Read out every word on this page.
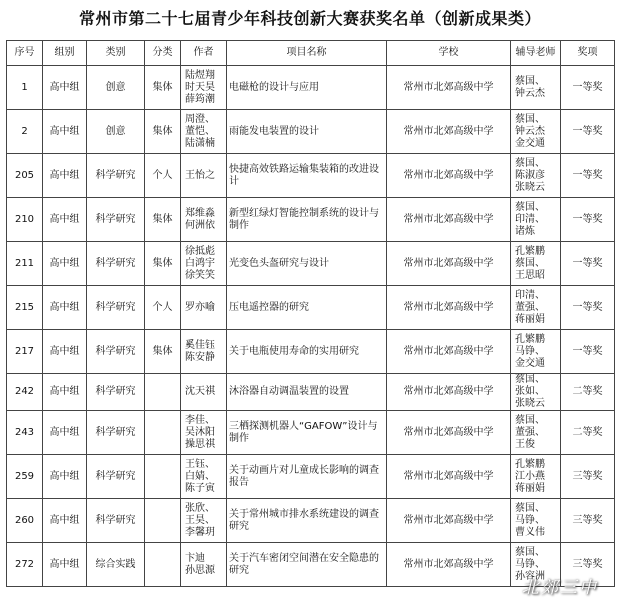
常州市第二十七届青少年科技创新大赛获奖名单（创新成果类）
序号	组别	类别	分类	作者	项目名称	学校	辅导老师	奖项
1	高中组	创意	集体	陆煜翔
时天昊
薛筠潮	电磁枪的设计与应用	常州市北郊高级中学	蔡国、
钟云杰	一等奖
2	高中组	创意	集体	周澄、
董恺、
陆潇楠	雨能发电装置的设计	常州市北郊高级中学	蔡国、
钟云杰
金交通	一等奖
205	高中组	科学研究	个人	王怡之	快捷高效铁路运输集装箱的改进设计	常州市北郊高级中学	蔡国、
陈淑彦
张晓云	一等奖
210	高中组	科学研究	集体	郑维淼
何洲依	新型红绿灯智能控制系统的设计与制作	常州市北郊高级中学	蔡国、
印清、
诸炼	一等奖
211	高中组	科学研究	集体	徐抵彪
白鸿宇
徐笑笑	光变色头盔研究与设计	常州市北郊高级中学	孔繁鹏
蔡国、
王思昭	一等奖
215	高中组	科学研究	个人	罗亦喻	压电遥控器的研究	常州市北郊高级中学	印清、
董强、
蒋丽娟	一等奖
217	高中组	科学研究	集体	奚佳钰
陈安静	关于电瓶使用寿命的实用研究	常州市北郊高级中学	孔繁鹏
马铮、
金交通	一等奖
242	高中组	科学研究		沈天祺	沐浴器自动调温装置的设置	常州市北郊高级中学	蔡国、
张如、
张晓云	二等奖
243	高中组	科学研究		李佳、
吴沐阳
操思祺	三栖探测机器人“GAFOW”设计与制作	常州市北郊高级中学	蔡国、
董强、
王俊	二等奖
259	高中组	科学研究		王钰、
白婧、
陈子寅	关于动画片对儿童成长影响的调查报告	常州市北郊高级中学	孔繁鹏
江小燕
蒋丽娟	三等奖
260	高中组	科学研究		张欣、
王昊、
李馨玥	关于常州城市排水系统建设的调查研究	常州市北郊高级中学	蔡国、
马铮、
曹义伟	三等奖
272	高中组	综合实践		卞迪
孙思源	关于汽车密闭空间潜在安全隐患的研究	常州市北郊高级中学	蔡国、
马铮、
孙容洲	三等奖
北郊三中
